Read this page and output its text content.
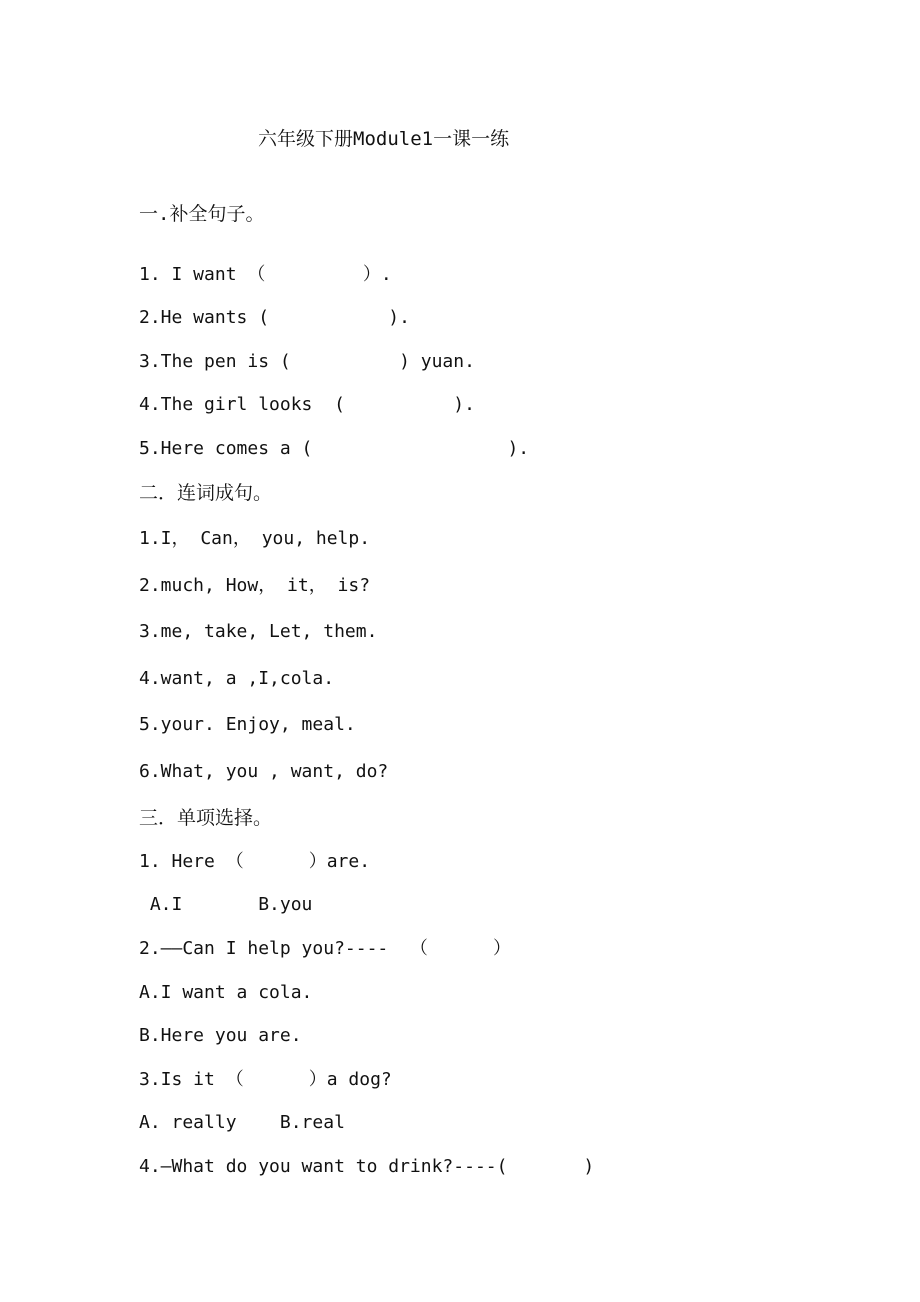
六年级下册Module1一课一练
一.补全句子。
1. I want （         ）.
2.He wants (           ).
3.The pen is (          ) yuan.
4.The girl looks  (          ).
5.Here comes a (                  ).
二．连词成句。
1.I， Can， you, help.
2.much, How， it， is?
3.me, take, Let, them.
4.want, a ,I,cola.
5.your. Enjoy, meal.
6.What, you , want, do?
三．单项选择。
1. Here （      ）are.
A.I       B.you
2.——Can I help you?----  （      ）
A.I want a cola.
B.Here you are.
3.Is it （      ）a dog?
A. really    B.real
4.—What do you want to drink?----(       )
